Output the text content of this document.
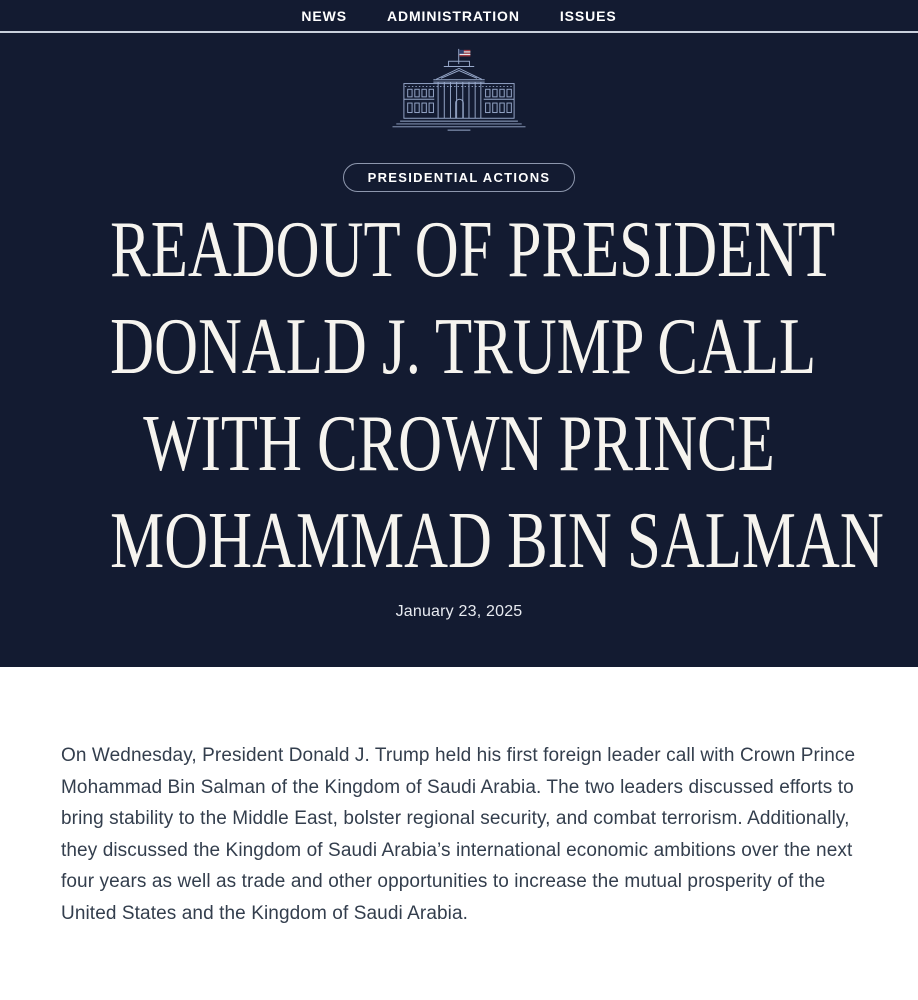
NEWS	ADMINISTRATION	ISSUES
PRESIDENTIAL ACTIONS
READOUT OF PRESIDENT
DONALD J. TRUMP CALL
WITH CROWN PRINCE
MOHAMMAD BIN SALMAN
January 23, 2025

On Wednesday, President Donald J. Trump held his first foreign leader call with Crown Prince Mohammad Bin Salman of the Kingdom of Saudi Arabia. The two leaders discussed efforts to bring stability to the Middle East, bolster regional security, and combat terrorism. Additionally, they discussed the Kingdom of Saudi Arabia’s international economic ambitions over the next four years as well as trade and other opportunities to increase the mutual prosperity of the United States and the Kingdom of Saudi Arabia.
